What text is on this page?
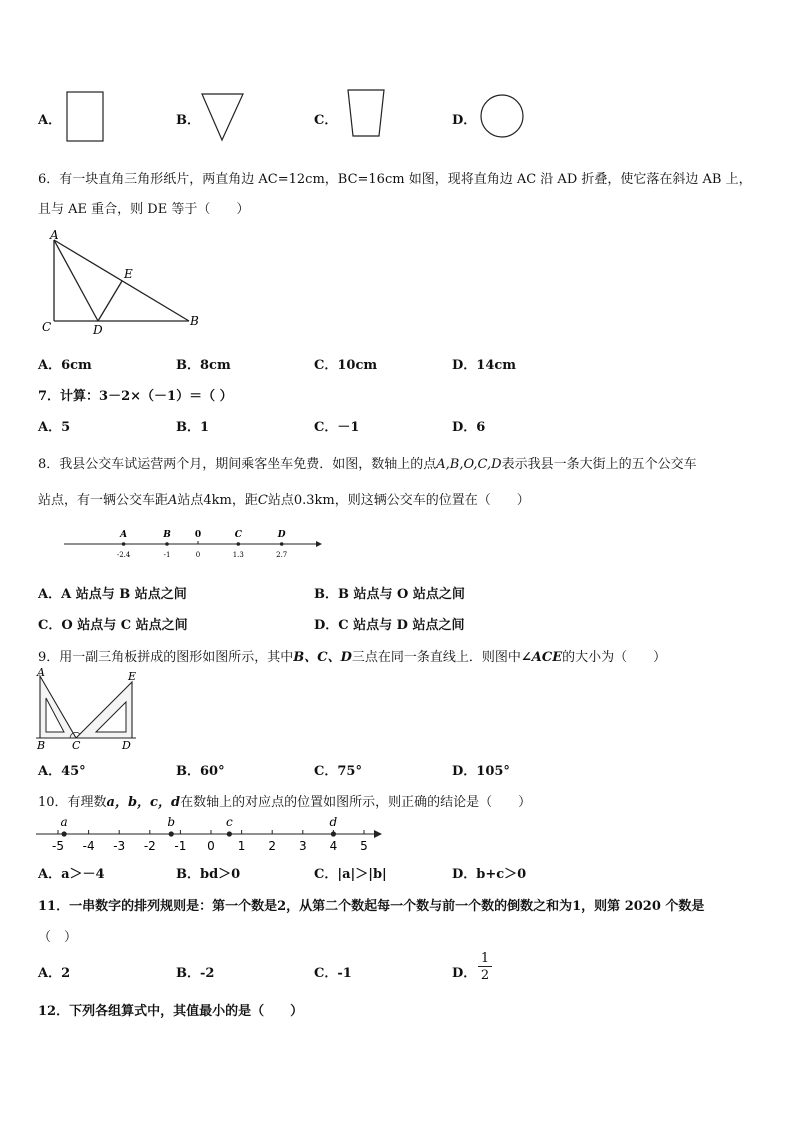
A．	B．	C．	D．
6．有一块直角三角形纸片，两直角边 AC=12cm，BC=16cm 如图，现将直角边 AC 沿 AD 折叠，使它落在斜边 AB 上，
且与 AE 重合，则 DE 等于（　　）
A
E
C	D
B
A．6cm	B．8cm	C．10cm	D．14cm
7．计算：3－2×（－1）＝（ ）
A．5	B．1	C．－1	D．6
8．我县公交车试运营两个月，期间乘客坐车免费．如图，数轴上的点A,B,O,C,D表示我县一条大街上的五个公交车
站点，有一辆公交车距A站点4km，距C站点0.3km，则这辆公交车的位置在（　　）
A
-2.4
B
-1
0
0
C
1.3
D
2.7
A．A 站点与 B 站点之间	B．B 站点与 O 站点之间
C．O 站点与 C 站点之间	D．C 站点与 D 站点之间
9．用一副三角板拼成的图形如图所示，其中B、C、D三点在同一条直线上．则图中∠ACE的大小为（　　）
A	E
B C	D
A．45°	B．60°	C．75°	D．105°
10．有理数a，b，c，d在数轴上的对应点的位置如图所示，则正确的结论是（　　）
-5 -4 -3 -2 -1 0 1 2 3 4 5
a	b	c	d
A．a＞－4	B．bd＞0	C．|a|＞|b|	D．b+c＞0
11．一串数字的排列规则是：第一个数是2，从第二个数起每一个数与前一个数的倒数之和为1，则第 2020 个数是
（　）
A．2	B．-2	C．-1	D．
1
2
12．下列各组算式中，其值最小的是（　　）
